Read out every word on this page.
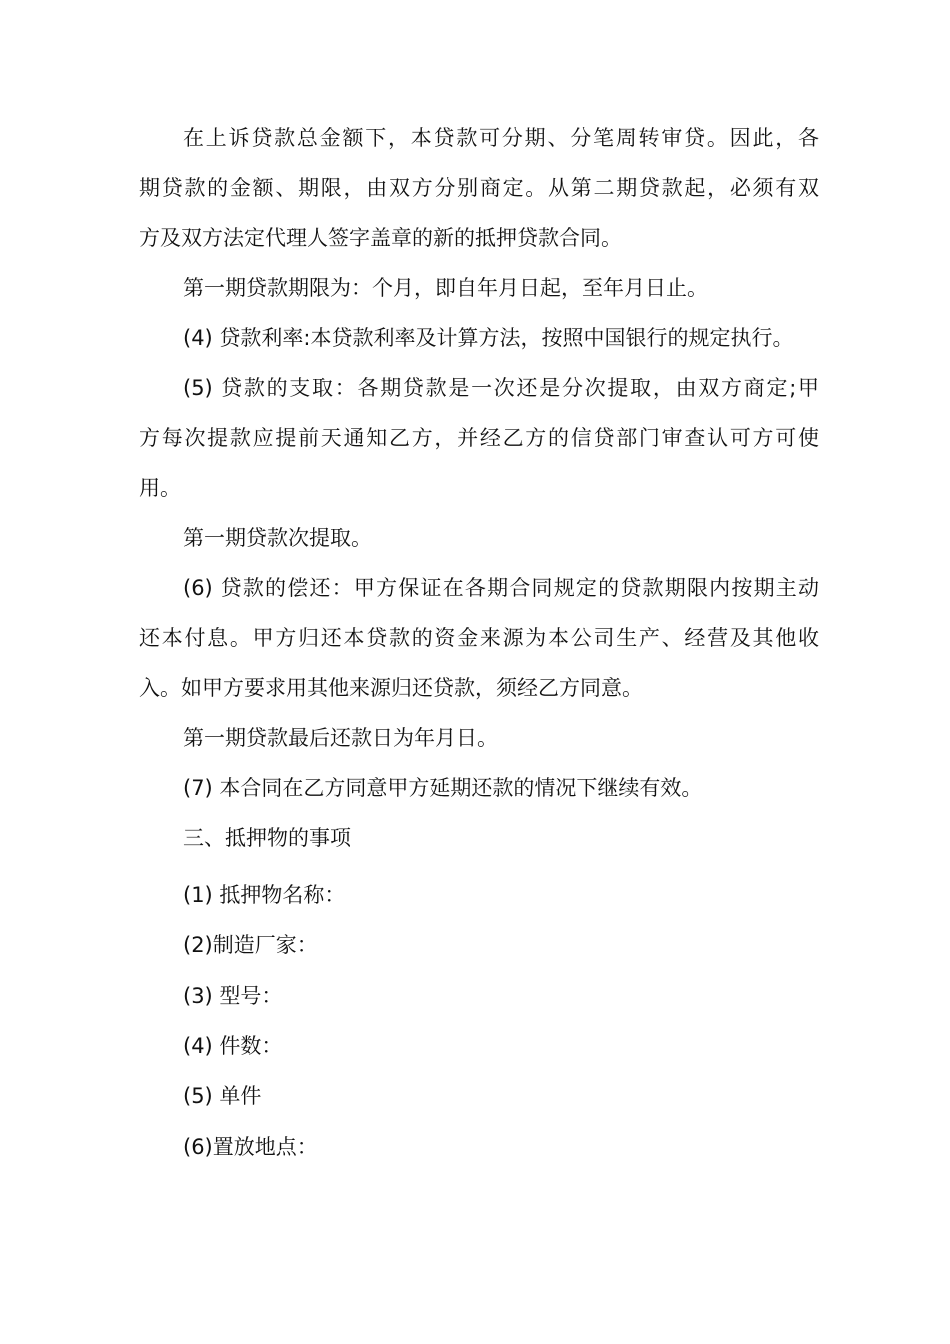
在上诉贷款总金额下，本贷款可分期、分笔周转审贷。因此，各
期贷款的金额、期限，由双方分别商定。从第二期贷款起，必须有双
方及双方法定代理人签字盖章的新的抵押贷款合同。
第一期贷款期限为：个月，即自年月日起，至年月日止。
(4) 贷款利率:本贷款利率及计算方法，按照中国银行的规定执行。
(5) 贷款的支取：各期贷款是一次还是分次提取，由双方商定;甲
方每次提款应提前天通知乙方，并经乙方的信贷部门审查认可方可使
用。
第一期贷款次提取。
(6) 贷款的偿还：甲方保证在各期合同规定的贷款期限内按期主动
还本付息。甲方归还本贷款的资金来源为本公司生产、经营及其他收
入。如甲方要求用其他来源归还贷款，须经乙方同意。
第一期贷款最后还款日为年月日。
(7) 本合同在乙方同意甲方延期还款的情况下继续有效。
三、抵押物的事项
(1) 抵押物名称：
(2)制造厂家：
(3) 型号：
(4) 件数：
(5) 单件
(6)置放地点：
